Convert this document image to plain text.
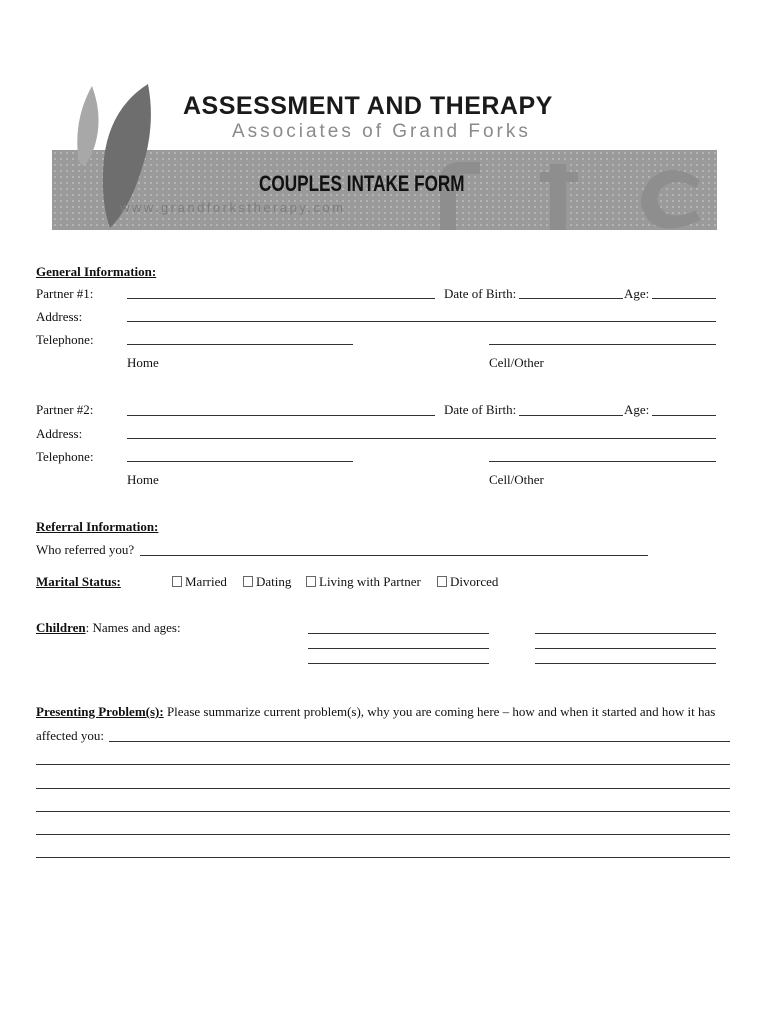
ASSESSMENT AND THERAPY
Associates of Grand Forks
COUPLES INTAKE FORM
www.grandforkstherapy.com
General Information:
Partner #1:	Date of Birth:	Age:
Address:
Telephone:
Home	Cell/Other
Partner #2:	Date of Birth:	Age:
Address:
Telephone:
Home	Cell/Other
Referral Information:
Who referred you?
Marital Status:	Married	Dating	Living with Partner	Divorced
Children: Names and ages:
Presenting Problem(s): Please summarize current problem(s), why you are coming here – how and when it started and how it has
affected you:
